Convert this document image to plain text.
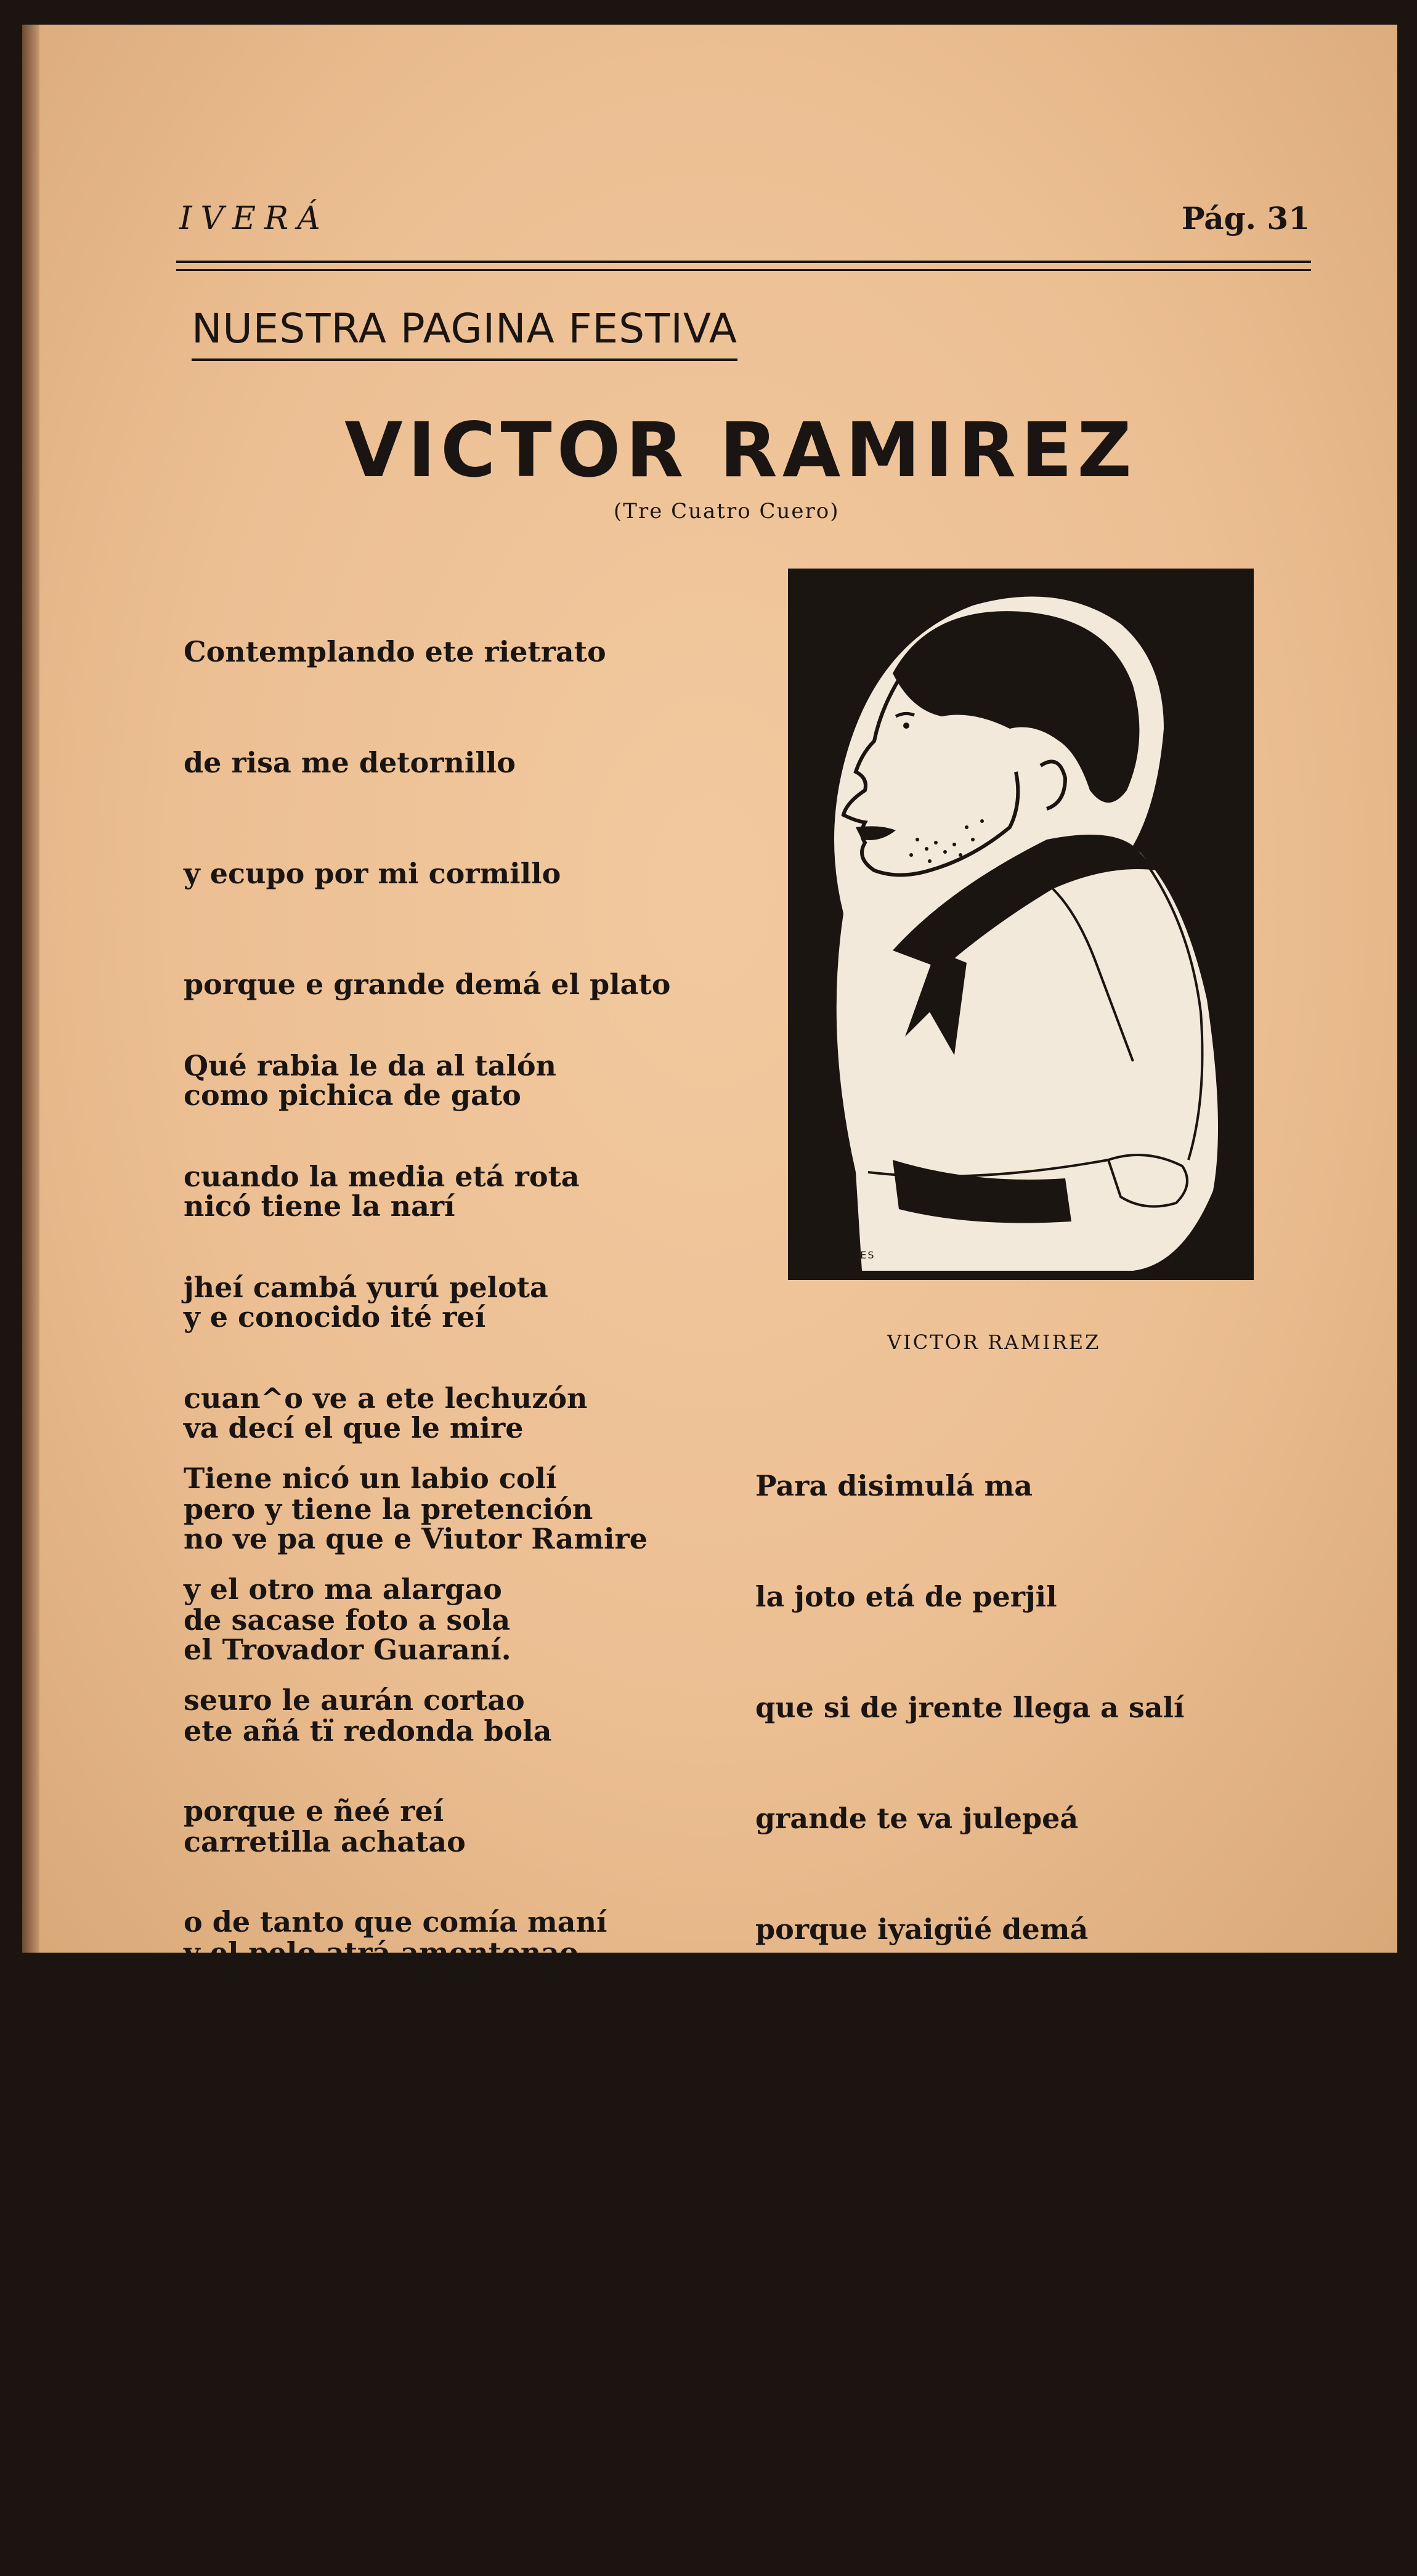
IVERÁ	Pág. 31
NUESTRA PAGINA FESTIVA
VICTOR RAMIREZ
(Tre Cuatro Cuero)

Contemplando ete rietrato

de risa me detornillo

y ecupo por mi cormillo

porque e grande demá el plato

como pichica de gato

nicó tiene la narí

y e conocido ité reí

va decí el que le mire

no ve pa que e Viutor Ramire

el Trovador Guaraní.

Qué rabia le da al talón

cuando la media etá rota

jheí cambá yurú pelota

cuan^o ve a ete lechuzón

pero y tiene la pretención

de sacase foto a sola

ete añá tï redonda bola

carretilla achatao

y el pelo atrá amontonao

ñemoante pato cola.

Tiene nicó un labio colí

y el otro ma alargao

seuro le aurán cortao

porque e ñeé reí

o de tanto que comía maní

para adentro se le ecuendió

y el otro ajuera quedó

para sotené la narí,

porque jhoaro ichugüí

se va quedá sin sifón.

Para disimulá ma

la joto etá de perjil

que si de jrente llega a salí

grande te va julepeá

porque iyaigüé demá

parece co un lechuzón

y e de mala intención

de eso yo no dicuto

e alcagüete y fayuto

y te pega de traición.

CORRALES
VICTOR RAMIREZ
